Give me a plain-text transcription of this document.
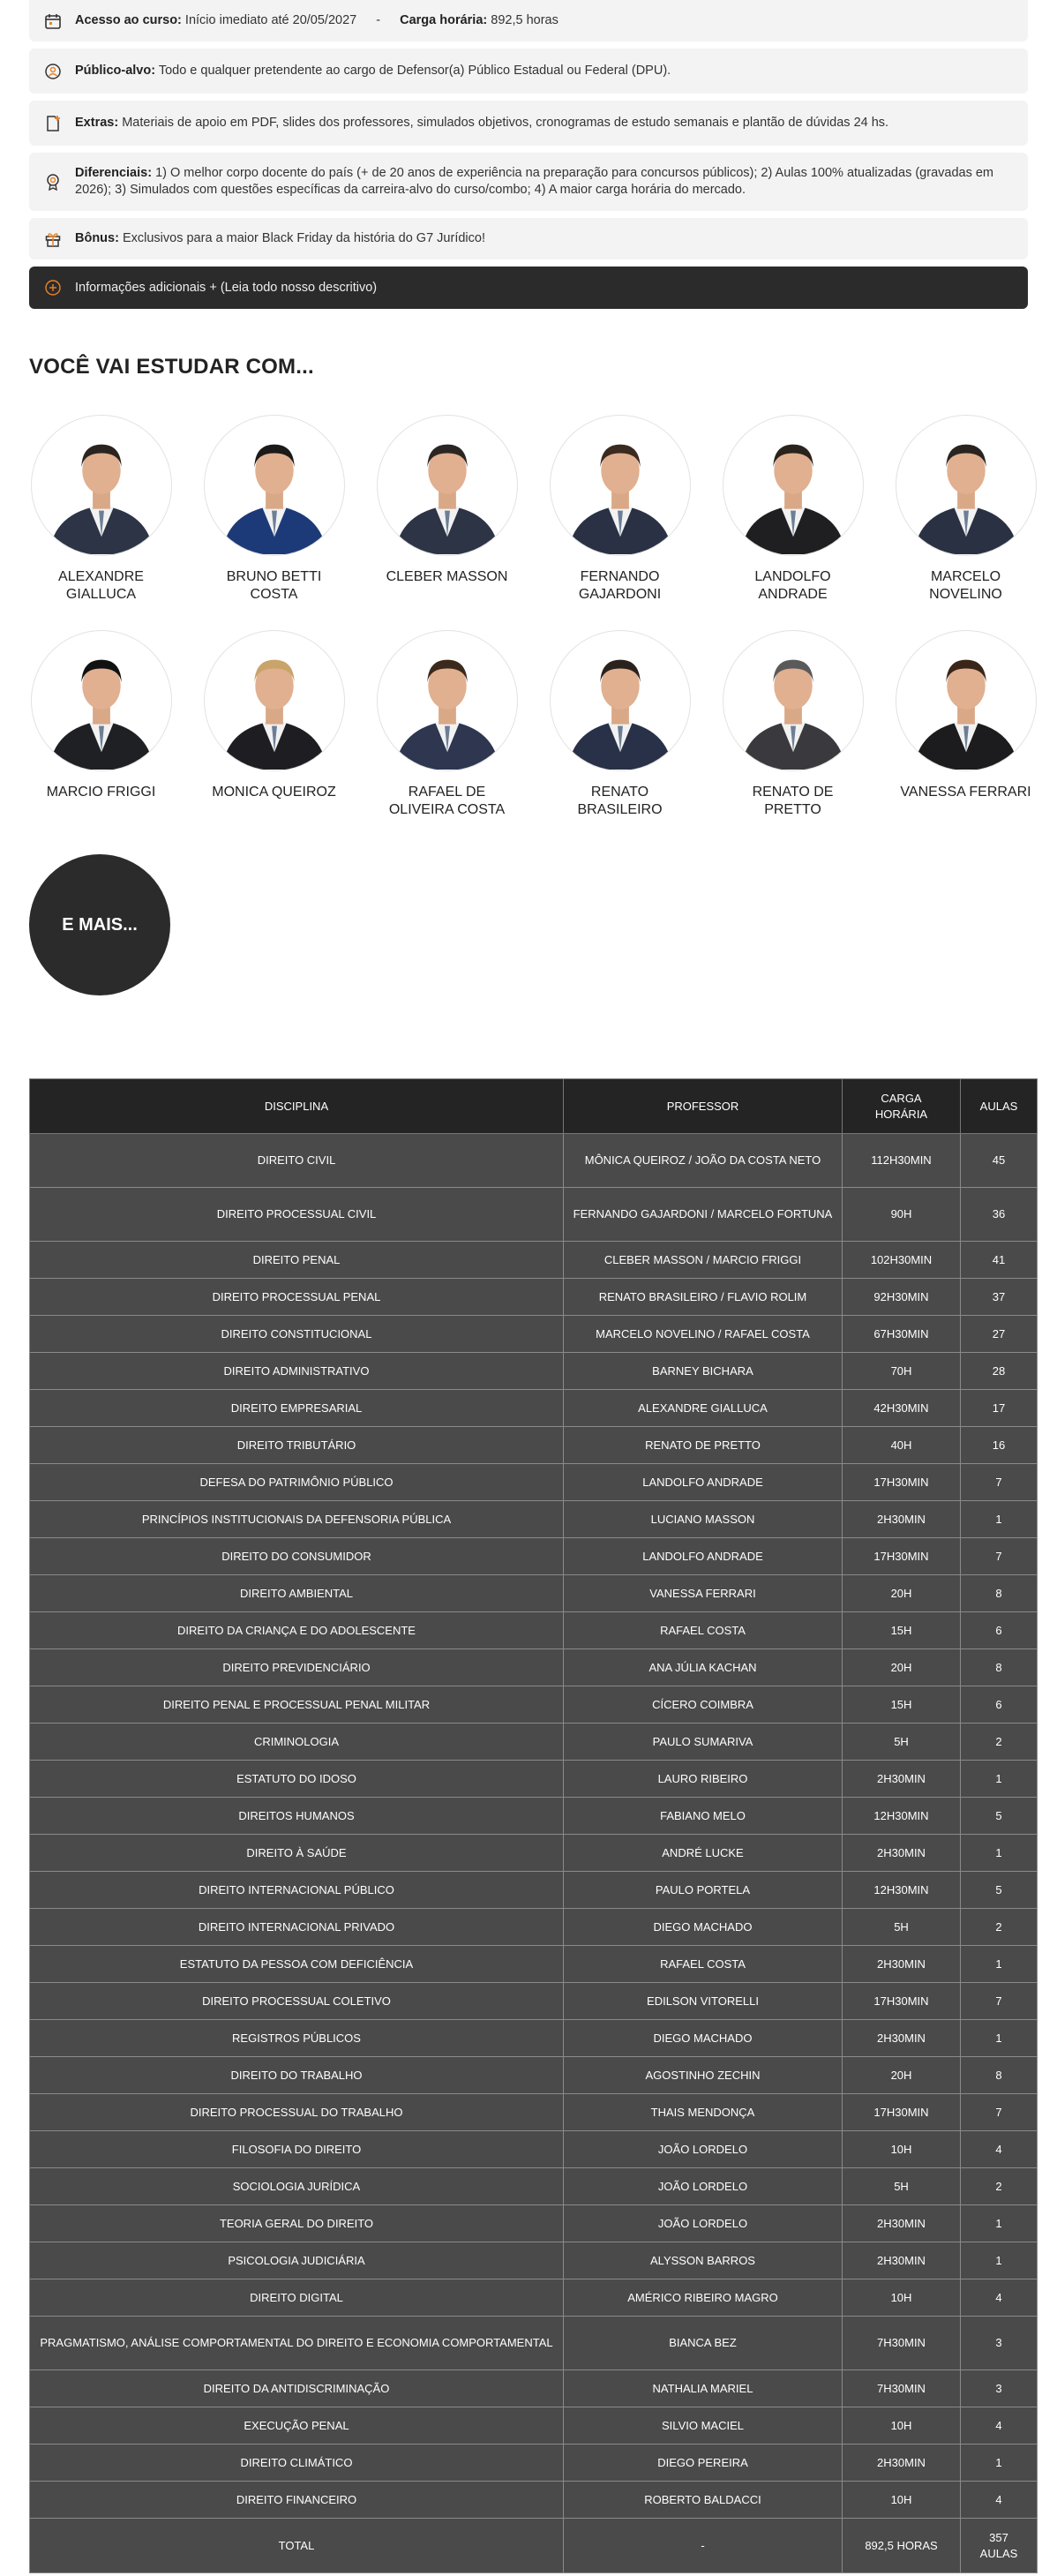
Acesso ao curso: Início imediato até 20/05/2027 - Carga horária: 892,5 horas
Público-alvo: Todo e qualquer pretendente ao cargo de Defensor(a) Público Estadual ou Federal (DPU).
Extras: Materiais de apoio em PDF, slides dos professores, simulados objetivos, cronogramas de estudo semanais e plantão de dúvidas 24 hs.
Diferenciais: 1) O melhor corpo docente do país (+ de 20 anos de experiência na preparação para concursos públicos); 2) Aulas 100% atualizadas (gravadas em 2026); 3) Simulados com questões específicas da carreira-alvo do curso/combo; 4) A maior carga horária do mercado.
Bônus: Exclusivos para a maior Black Friday da história do G7 Jurídico!
Informações adicionais + (Leia todo nosso descritivo)
VOCÊ VAI ESTUDAR COM...
ALEXANDRE GIALLUCA
BRUNO BETTI COSTA
CLEBER MASSON	FERNANDO GAJARDONI
LANDOLFO ANDRADE
MARCELO NOVELINO
MARCIO FRIGGI	MONICA QUEIROZ	RAFAEL DE OLIVEIRA COSTA
RENATO BRASILEIRO
RENATO DE PRETTO
VANESSA FERRARI
E MAIS...
DISCIPLINA	PROFESSOR	CARGA HORÁRIA	AULAS
DIREITO CIVIL	MÔNICA QUEIROZ / JOÃO DA COSTA NETO	112H30MIN	45
DIREITO PROCESSUAL CIVIL	FERNANDO GAJARDONI / MARCELO FORTUNA	90H	36
DIREITO PENAL	CLEBER MASSON / MARCIO FRIGGI	102H30MIN	41
DIREITO PROCESSUAL PENAL	RENATO BRASILEIRO / FLAVIO ROLIM	92H30MIN	37
DIREITO CONSTITUCIONAL	MARCELO NOVELINO / RAFAEL COSTA	67H30MIN	27
DIREITO ADMINISTRATIVO	BARNEY BICHARA	70H	28
DIREITO EMPRESARIAL	ALEXANDRE GIALLUCA	42H30MIN	17
DIREITO TRIBUTÁRIO	RENATO DE PRETTO	40H	16
DEFESA DO PATRIMÔNIO PÚBLICO	LANDOLFO ANDRADE	17H30MIN	7
PRINCÍPIOS INSTITUCIONAIS DA DEFENSORIA PÚBLICA	LUCIANO MASSON	2H30MIN	1
DIREITO DO CONSUMIDOR	LANDOLFO ANDRADE	17H30MIN	7
DIREITO AMBIENTAL	VANESSA FERRARI	20H	8
DIREITO DA CRIANÇA E DO ADOLESCENTE	RAFAEL COSTA	15H	6
DIREITO PREVIDENCIÁRIO	ANA JÚLIA KACHAN	20H	8
DIREITO PENAL E PROCESSUAL PENAL MILITAR	CÍCERO COIMBRA	15H	6
CRIMINOLOGIA	PAULO SUMARIVA	5H	2
ESTATUTO DO IDOSO	LAURO RIBEIRO	2H30MIN	1
DIREITOS HUMANOS	FABIANO MELO	12H30MIN	5
DIREITO À SAÚDE	ANDRÉ LUCKE	2H30MIN	1
DIREITO INTERNACIONAL PÚBLICO	PAULO PORTELA	12H30MIN	5
DIREITO INTERNACIONAL PRIVADO	DIEGO MACHADO	5H	2
ESTATUTO DA PESSOA COM DEFICIÊNCIA	RAFAEL COSTA	2H30MIN	1
DIREITO PROCESSUAL COLETIVO	EDILSON VITORELLI	17H30MIN	7
REGISTROS PÚBLICOS	DIEGO MACHADO	2H30MIN	1
DIREITO DO TRABALHO	AGOSTINHO ZECHIN	20H	8
DIREITO PROCESSUAL DO TRABALHO	THAIS MENDONÇA	17H30MIN	7
FILOSOFIA DO DIREITO	JOÃO LORDELO	10H	4
SOCIOLOGIA JURÍDICA	JOÃO LORDELO	5H	2
TEORIA GERAL DO DIREITO	JOÃO LORDELO	2H30MIN	1
PSICOLOGIA JUDICIÁRIA	ALYSSON BARROS	2H30MIN	1
DIREITO DIGITAL	AMÉRICO RIBEIRO MAGRO	10H	4
PRAGMATISMO, ANÁLISE COMPORTAMENTAL DO DIREITO E ECONOMIA COMPORTAMENTAL	BIANCA BEZ	7H30MIN	3
DIREITO DA ANTIDISCRIMINAÇÃO	NATHALIA MARIEL	7H30MIN	3
EXECUÇÃO PENAL	SILVIO MACIEL	10H	4
DIREITO CLIMÁTICO	DIEGO PEREIRA	2H30MIN	1
DIREITO FINANCEIRO	ROBERTO BALDACCI	10H	4
TOTAL	-	892,5 HORAS	357 AULAS
